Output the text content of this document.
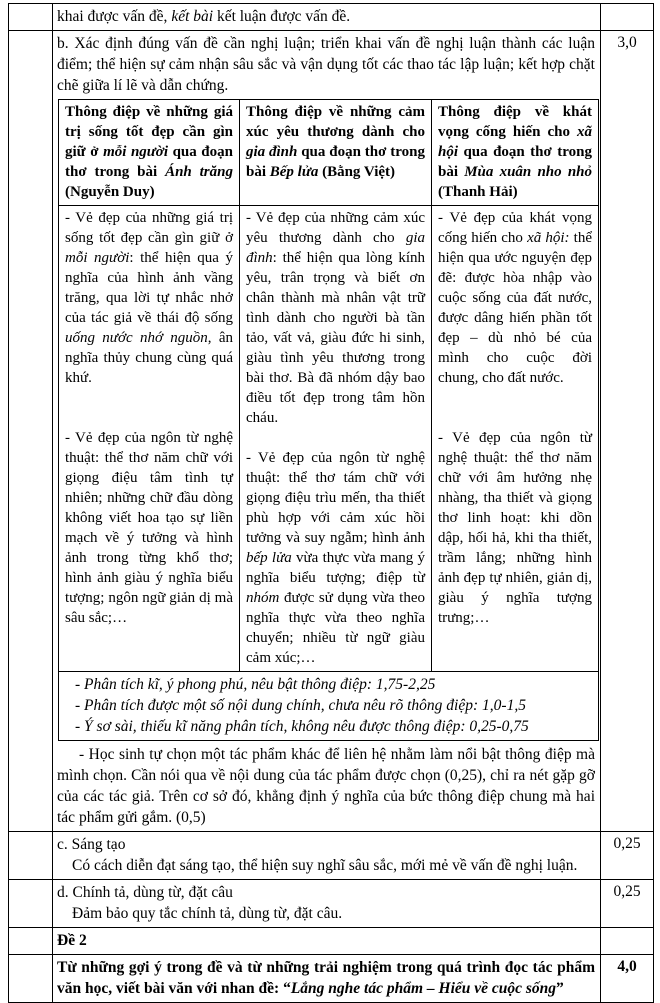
khai được vấn đề, kết bài kết luận được vấn đề.

b. Xác định đúng vấn đề cần nghị luận; triển khai vấn đề nghị luận thành các luận điểm; thể hiện sự cảm nhận sâu sắc và vận dụng tốt các thao tác lập luận; kết hợp chặt chẽ giữa lí lẽ và dẫn chứng.

Thông điệp về những giá trị sống tốt đẹp cần gìn giữ ở mỗi người qua đoạn thơ trong bài Ánh trăng (Nguyễn Duy)

Thông điệp về những cảm xúc yêu thương dành cho gia đình qua đoạn thơ trong bài Bếp lửa (Bằng Việt)

Thông điệp về khát vọng cống hiến cho xã hội qua đoạn thơ trong bài Mùa xuân nho nhỏ (Thanh Hải)

- Vẻ đẹp của những giá trị sống tốt đẹp cần gìn giữ ở mỗi người: thể hiện qua ý nghĩa của hình ảnh vầng trăng, qua lời tự nhắc nhở của tác giả về thái độ sống uống nước nhớ nguồn, ân nghĩa thủy chung cùng quá khứ.

- Vẻ đẹp của ngôn từ nghệ thuật: thể thơ năm chữ với giọng điệu tâm tình tự nhiên; những chữ đầu dòng không viết hoa tạo sự liền mạch về ý tưởng và hình ảnh trong từng khổ thơ; hình ảnh giàu ý nghĩa biểu tượng; ngôn ngữ giản dị mà sâu sắc;…

- Vẻ đẹp của những cảm xúc yêu thương dành cho gia đình: thể hiện qua lòng kính yêu, trân trọng và biết ơn chân thành mà nhân vật trữ tình dành cho người bà tần tảo, vất vả, giàu đức hi sinh, giàu tình yêu thương trong bài thơ. Bà đã nhóm dậy bao điều tốt đẹp trong tâm hồn cháu.

- Vẻ đẹp của ngôn từ nghệ thuật: thể thơ tám chữ với giọng điệu trìu mến, tha thiết phù hợp với cảm xúc hồi tưởng và suy ngẫm; hình ảnh bếp lửa vừa thực vừa mang ý nghĩa biểu tượng; điệp từ nhóm được sử dụng vừa theo nghĩa thực vừa theo nghĩa chuyển; nhiều từ ngữ giàu cảm xúc;…

- Vẻ đẹp của khát vọng cống hiến cho xã hội: thể hiện qua ước nguyện đẹp đẽ: được hòa nhập vào cuộc sống của đất nước, được dâng hiến phần tốt đẹp – dù nhỏ bé của mình cho cuộc đời chung, cho đất nước.

- Vẻ đẹp của ngôn từ nghệ thuật: thể thơ năm chữ với âm hưởng nhẹ nhàng, tha thiết và giọng thơ linh hoạt: khi dồn dập, hối hả, khi tha thiết, trầm lắng; những hình ảnh đẹp tự nhiên, giản dị, giàu ý nghĩa tượng trưng;…

- Phân tích kĩ, ý phong phú, nêu bật thông điệp: 1,75-2,25

- Phân tích được một số nội dung chính, chưa nêu rõ thông điệp: 1,0-1,5

- Ý sơ sài, thiếu kĩ năng phân tích, không nêu được thông điệp: 0,25-0,75

- Học sinh tự chọn một tác phẩm khác để liên hệ nhằm làm nổi bật thông điệp mà mình chọn. Cần nói qua về nội dung của tác phẩm được chọn (0,25), chỉ ra nét gặp gỡ của các tác giả. Trên cơ sở đó, khẳng định ý nghĩa của bức thông điệp chung mà hai tác phẩm gửi gắm. (0,5)

3,0

c. Sáng tạo

Có cách diễn đạt sáng tạo, thể hiện suy nghĩ sâu sắc, mới mẻ về vấn đề nghị luận.

0,25

d. Chính tả, dùng từ, đặt câu

Đảm bảo quy tắc chính tả, dùng từ, đặt câu.

0,25

Đề 2

Từ những gợi ý trong đề và từ những trải nghiệm trong quá trình đọc tác phẩm văn học, viết bài văn với nhan đề: “Lắng nghe tác phẩm – Hiểu về cuộc sống”

4,0
